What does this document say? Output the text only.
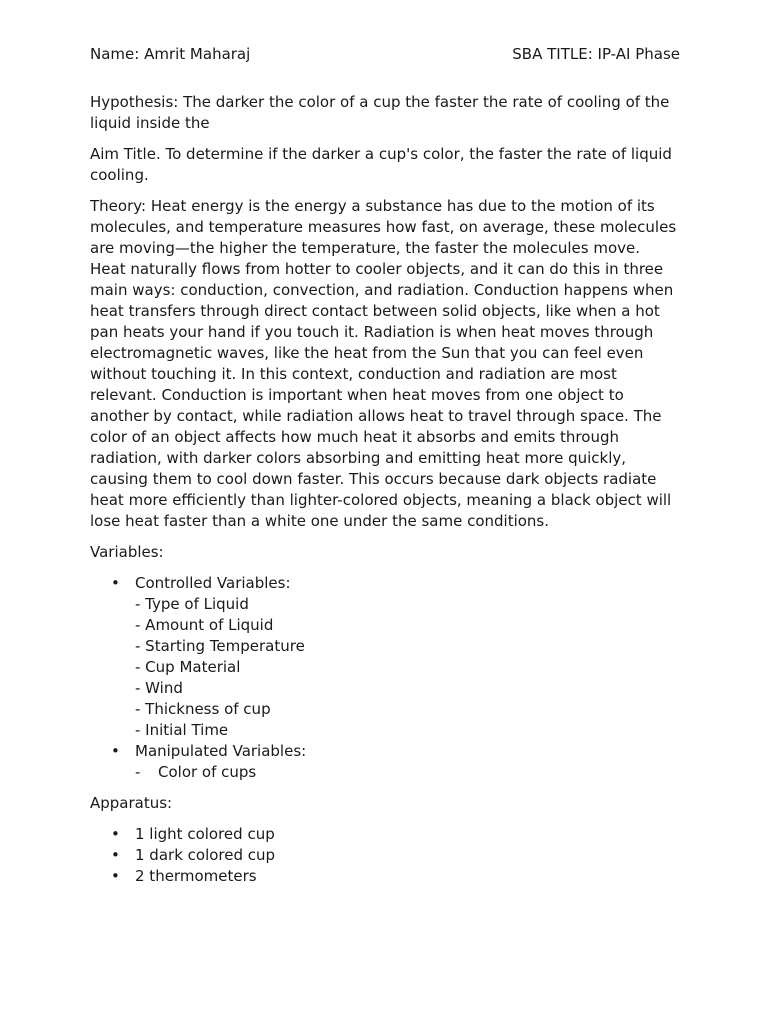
Name: Amrit Maharaj	SBA TITLE: IP-AI Phase

Hypothesis: The darker the color of a cup the faster the rate of cooling of the liquid inside the

Aim Title. To determine if the darker a cup's color, the faster the rate of liquid cooling.

Theory: Heat energy is the energy a substance has due to the motion of its molecules, and temperature measures how fast, on average, these molecules are moving—the higher the temperature, the faster the molecules move. Heat naturally flows from hotter to cooler objects, and it can do this in three main ways: conduction, convection, and radiation. Conduction happens when heat transfers through direct contact between solid objects, like when a hot pan heats your hand if you touch it. Radiation is when heat moves through electromagnetic waves, like the heat from the Sun that you can feel even without touching it. In this context, conduction and radiation are most relevant. Conduction is important when heat moves from one object to another by contact, while radiation allows heat to travel through space. The color of an object affects how much heat it absorbs and emits through radiation, with darker colors absorbing and emitting heat more quickly, causing them to cool down faster. This occurs because dark objects radiate heat more efficiently than lighter-colored objects, meaning a black object will lose heat faster than a white one under the same conditions.

Variables:

• Controlled Variables:
- Type of Liquid
- Amount of Liquid
- Starting Temperature
- Cup Material
- Wind
- Thickness of cup
- Initial Time
• Manipulated Variables:
- Color of cups

Apparatus:

• 1 light colored cup
• 1 dark colored cup
• 2 thermometers
